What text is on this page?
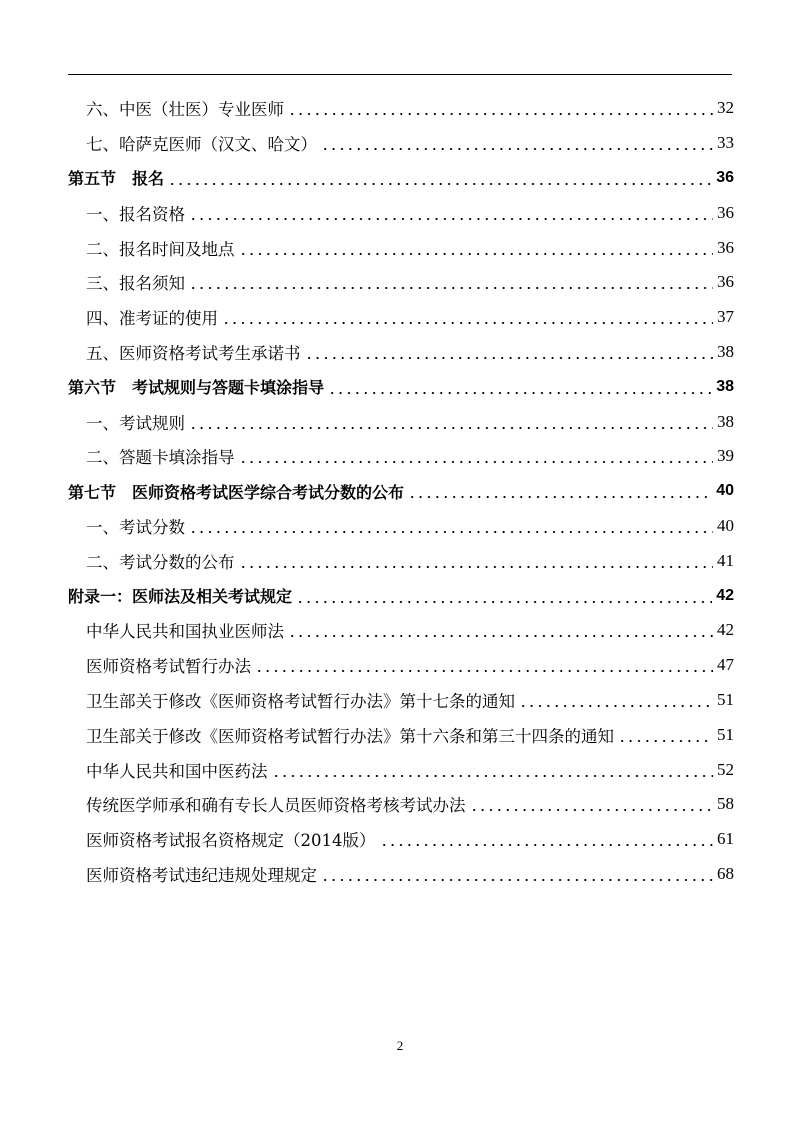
六、中医（壮医）专业医师	32
七、哈萨克医师（汉文、哈文）	33
第五节　报名	36
一、报名资格	36
二、报名时间及地点	36
三、报名须知	36
四、准考证的使用	37
五、医师资格考试考生承诺书	38
第六节　考试规则与答题卡填涂指导	38
一、考试规则	38
二、答题卡填涂指导	39
第七节　医师资格考试医学综合考试分数的公布	40
一、考试分数	40
二、考试分数的公布	41
附录一：医师法及相关考试规定	42
中华人民共和国执业医师法	42
医师资格考试暂行办法	47
卫生部关于修改《医师资格考试暂行办法》第十七条的通知	51
卫生部关于修改《医师资格考试暂行办法》第十六条和第三十四条的通知	51
中华人民共和国中医药法	52
传统医学师承和确有专长人员医师资格考核考试办法	58
医师资格考试报名资格规定（2014版）	61
医师资格考试违纪违规处理规定	68
2
